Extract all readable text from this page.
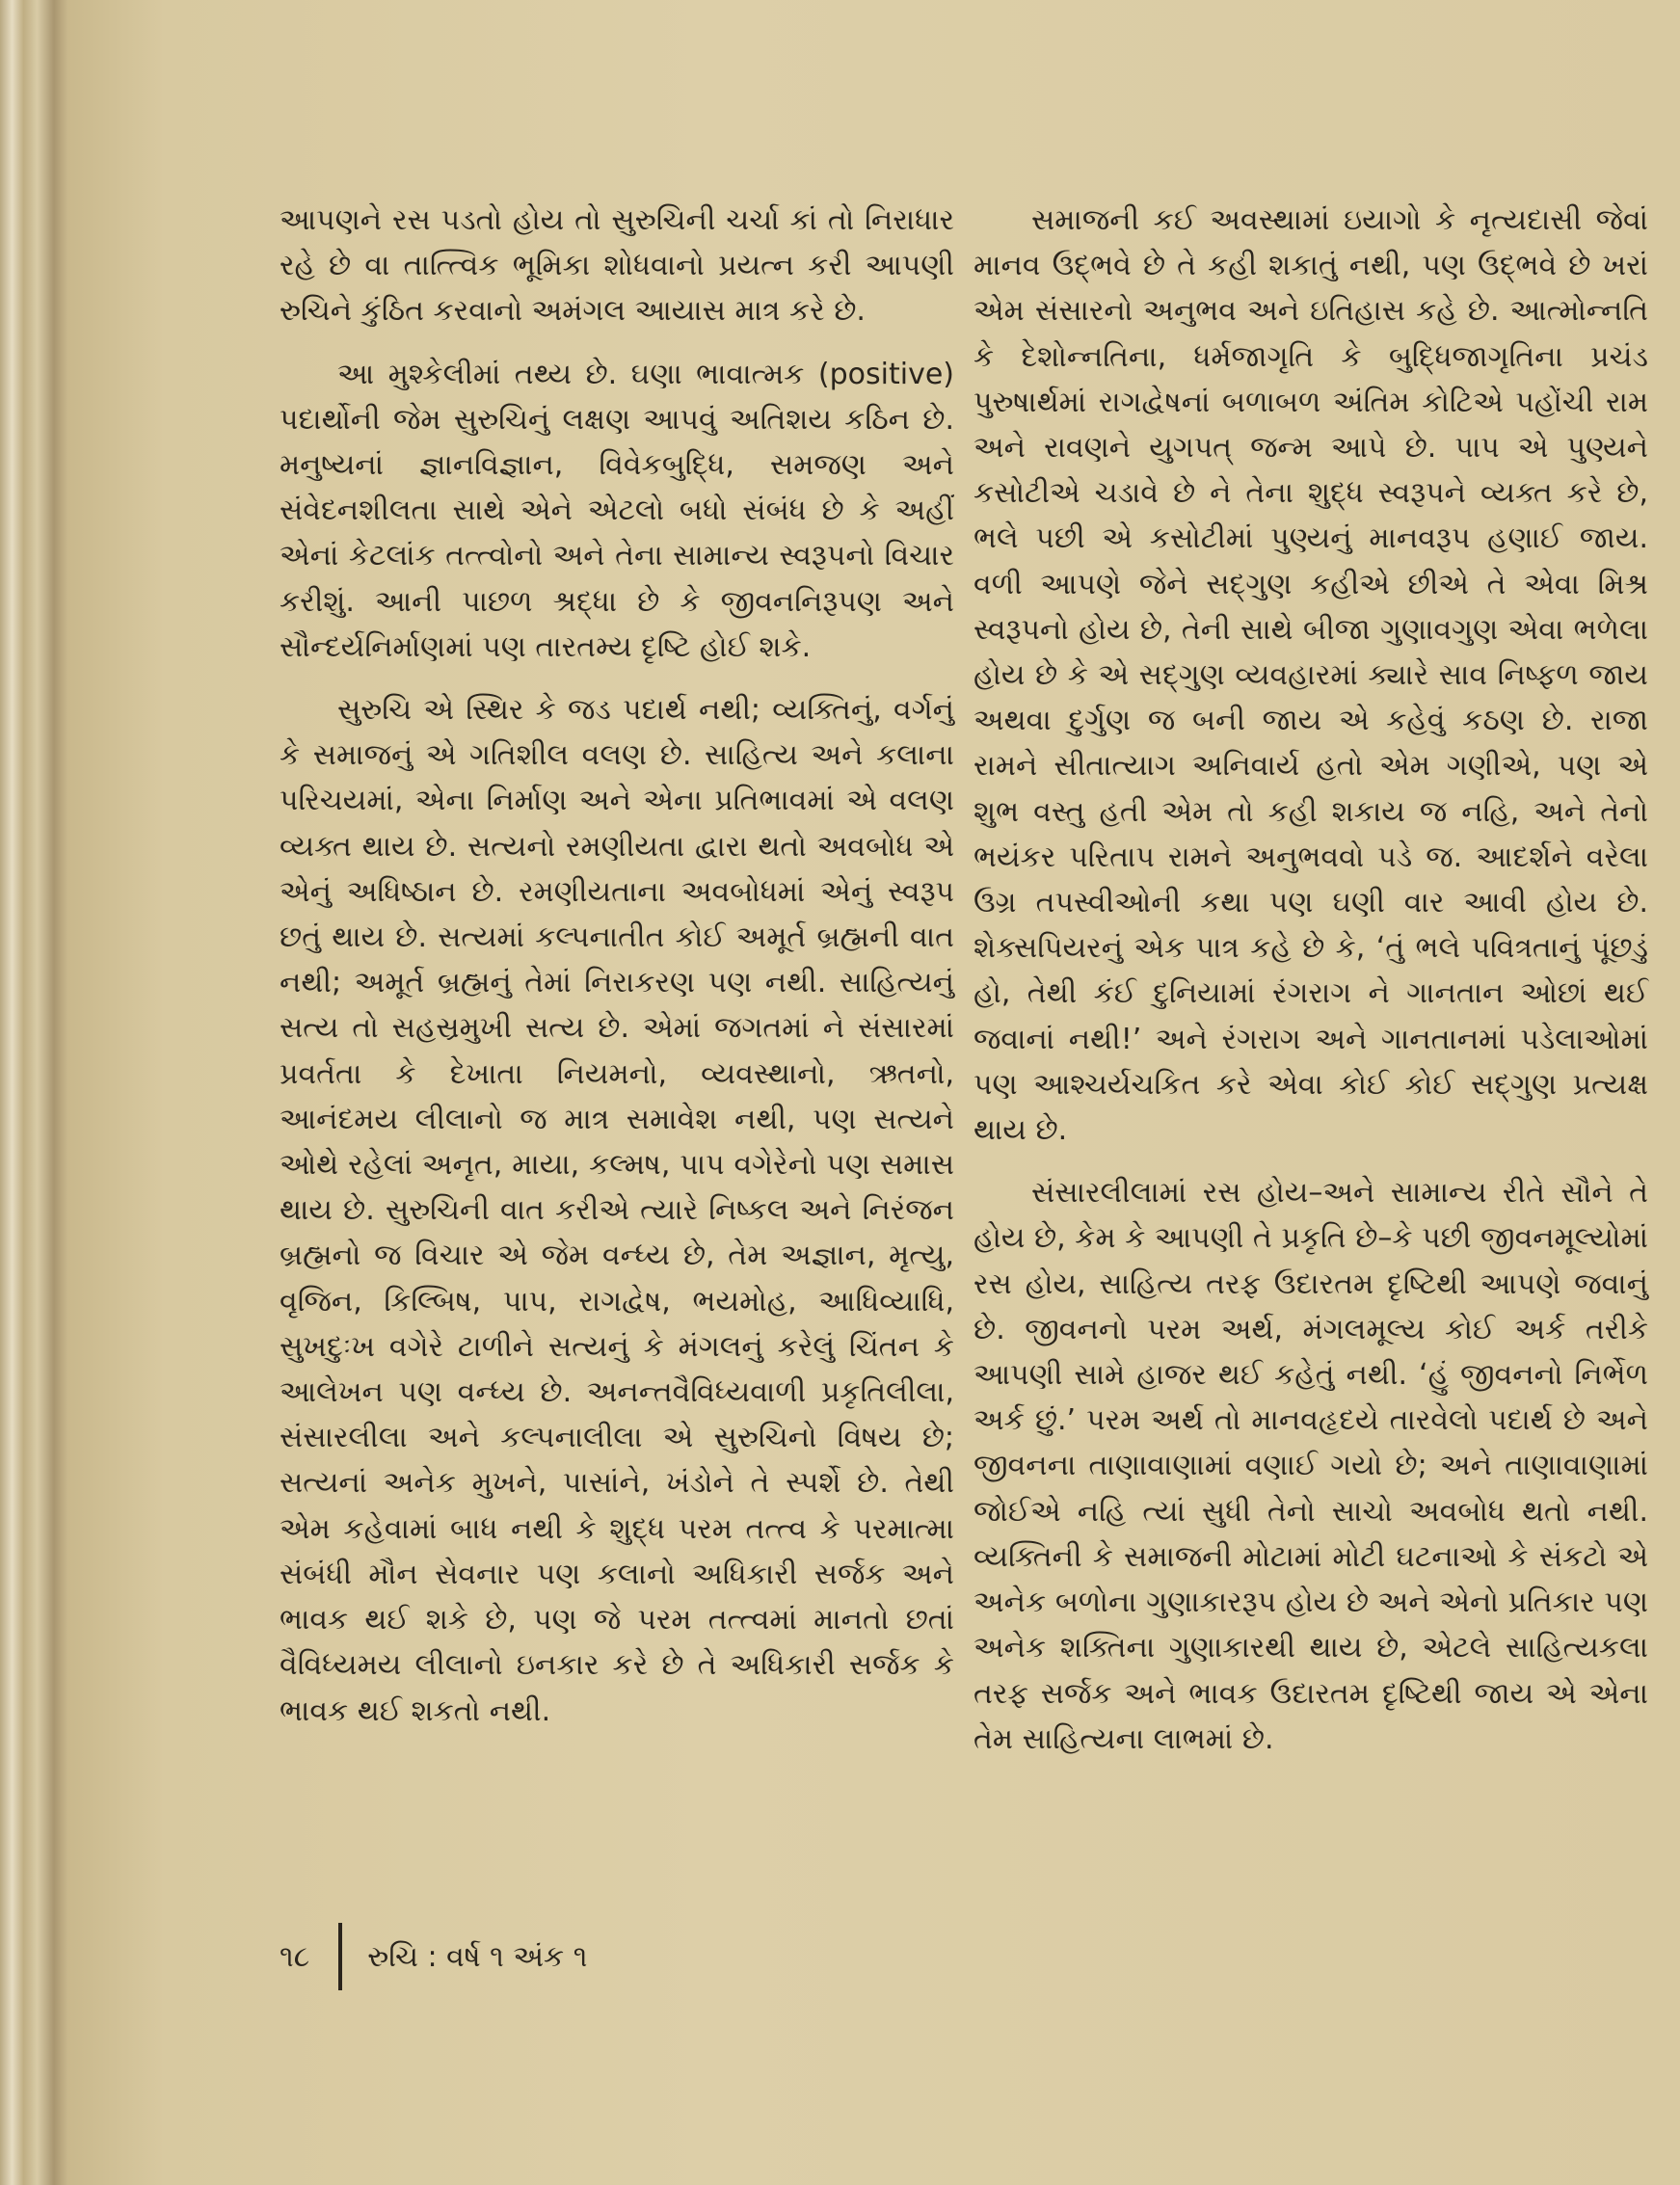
આપણને રસ પડતો હોય તો સુરુચિની ચર્ચા કાં તો નિરાધાર રહે છે વા તાત્ત્વિક ભૂમિકા શોધવાનો પ્રયત્ન કરી આપણી રુચિને કુંઠિત કરવાનો અમંગલ આયાસ માત્ર કરે છે.

આ મુશ્કેલીમાં તથ્ય છે. ઘણા ભાવાત્મક (positive) પદાર્થોની જેમ સુરુચિનું લક્ષણ આપવું અતિશય કઠિન છે. મનુષ્યનાં જ્ઞાનવિજ્ઞાન, વિવેકબુદ્ધિ, સમજણ અને સંવેદનશીલતા સાથે એને એટલો બધો સંબંધ છે કે અહીં એનાં કેટલાંક તત્ત્વોનો અને તેના સામાન્ય સ્વરૂપનો વિચાર કરીશું. આની પાછળ શ્રદ્ધા છે કે જીવનનિરૂપણ અને સૌન્દર્યનિર્માણમાં પણ તારતમ્ય દૃષ્ટિ હોઈ શકે.

સુરુચિ એ સ્થિર કે જડ પદાર્થ નથી; વ્યક્તિનું, વર્ગનું કે સમાજનું એ ગતિશીલ વલણ છે. સાહિત્ય અને કલાના પરિચયમાં, એના નિર્માણ અને એના પ્રતિભાવમાં એ વલણ વ્યક્ત થાય છે. સત્યનો રમણીયતા દ્વારા થતો અવબોધ એ એનું અધિષ્ઠાન છે. રમણીયતાના અવબોધમાં એનું સ્વરૂપ છતું થાય છે. સત્યમાં કલ્પનાતીત કોઈ અમૂર્ત બ્રહ્મની વાત નથી; અમૂર્ત બ્રહ્મનું તેમાં નિરાકરણ પણ નથી. સાહિત્યનું સત્ય તો સહસ્રમુખી સત્ય છે. એમાં જગતમાં ને સંસારમાં પ્રવર્તતા કે દેખાતા નિયમનો, વ્યવસ્થાનો, ઋતનો, આનંદમય લીલાનો જ માત્ર સમાવેશ નથી, પણ સત્યને ઓથે રહેલાં અનૃત, માયા, કલ્મષ, પાપ વગેરેનો પણ સમાસ થાય છે. સુરુચિની વાત કરીએ ત્યારે નિષ્કલ અને નિરંજન બ્રહ્મનો જ વિચાર એ જેમ વન્ધ્ય છે, તેમ અજ્ઞાન, મૃત્યુ, વૃજિન, કિલ્બિષ, પાપ, રાગદ્વેષ, ભયમોહ, આધિવ્યાધિ, સુખદુઃખ વગેરે ટાળીને સત્યનું કે મંગલનું કરેલું ચિંતન કે આલેખન પણ વન્ધ્ય છે. અનન્તવૈવિધ્યવાળી પ્રકૃતિલીલા, સંસારલીલા અને કલ્પનાલીલા એ સુરુચિનો વિષય છે; સત્યનાં અનેક મુખને, પાસાંને, ખંડોને તે સ્પર્શે છે. તેથી એમ કહેવામાં બાધ નથી કે શુદ્ધ પરમ તત્ત્વ કે પરમાત્મા સંબંધી મૌન સેવનાર પણ કલાનો અધિકારી સર્જક અને ભાવક થઈ શકે છે, પણ જે પરમ તત્ત્વમાં માનતો છતાં વૈવિધ્યમય લીલાનો ઇનકાર કરે છે તે અધિકારી સર્જક કે ભાવક થઈ શકતો નથી.

સમાજની કઈ અવસ્થામાં ઇયાગો કે નૃત્યદાસી જેવાં માનવ ઉદ્ભવે છે તે કહી શકાતું નથી, પણ ઉદ્ભવે છે ખરાં એમ સંસારનો અનુભવ અને ઇતિહાસ કહે છે. આત્મોન્નતિ કે દેશોન્નતિના, ધર્મજાગૃતિ કે બુદ્ધિજાગૃતિના પ્રચંડ પુરુષાર્થમાં રાગદ્વેષનાં બળાબળ અંતિમ કોટિએ પહોંચી રામ અને રાવણને યુગપત્ જન્મ આપે છે. પાપ એ પુણ્યને કસોટીએ ચડાવે છે ને તેના શુદ્ધ સ્વરૂપને વ્યક્ત કરે છે, ભલે પછી એ કસોટીમાં પુણ્યનું માનવરૂપ હણાઈ જાય. વળી આપણે જેને સદ્ગુણ કહીએ છીએ તે એવા મિશ્ર સ્વરૂપનો હોય છે, તેની સાથે બીજા ગુણાવગુણ એવા ભળેલા હોય છે કે એ સદ્ગુણ વ્યવહારમાં ક્યારે સાવ નિષ્ફળ જાય અથવા દુર્ગુણ જ બની જાય એ કહેવું કઠણ છે. રાજા રામને સીતાત્યાગ અનિવાર્ય હતો એમ ગણીએ, પણ એ શુભ વસ્તુ હતી એમ તો કહી શકાય જ નહિ, અને તેનો ભયંકર પરિતાપ રામને અનુભવવો પડે જ. આદર્શને વરેલા ઉગ્ર તપસ્વીઓની કથા પણ ઘણી વાર આવી હોય છે. શેક્સપિયરનું એક પાત્ર કહે છે કે, ‘તું ભલે પવિત્રતાનું પૂંછડું હો, તેથી કંઈ દુનિયામાં રંગરાગ ને ગાનતાન ઓછાં થઈ જવાનાં નથી!’ અને રંગરાગ અને ગાનતાનમાં પડેલાઓમાં પણ આશ્ચર્યચકિત કરે એવા કોઈ કોઈ સદ્ગુણ પ્રત્યક્ષ થાય છે.

સંસારલીલામાં રસ હોય–અને સામાન્ય રીતે સૌને તે હોય છે, કેમ કે આપણી તે પ્રકૃતિ છે–કે પછી જીવનમૂલ્યોમાં રસ હોય, સાહિત્ય તરફ ઉદારતમ દૃષ્ટિથી આપણે જવાનું છે. જીવનનો પરમ અર્થ, મંગલમૂલ્ય કોઈ અર્ક તરીકે આપણી સામે હાજર થઈ કહેતું નથી. ‘હું જીવનનો નિર્ભેળ અર્ક છું.’ પરમ અર્થ તો માનવહૃદયે તારવેલો પદાર્થ છે અને જીવનના તાણાવાણામાં વણાઈ ગયો છે; અને તાણાવાણામાં જોઈએ નહિ ત્યાં સુધી તેનો સાચો અવબોધ થતો નથી. વ્યક્તિની કે સમાજની મોટામાં મોટી ઘટનાઓ કે સંકટો એ અનેક બળોના ગુણાકારરૂપ હોય છે અને એનો પ્રતિકાર પણ અનેક શક્તિના ગુણાકારથી થાય છે, એટલે સાહિત્યકલા તરફ સર્જક અને ભાવક ઉદારતમ દૃષ્ટિથી જાય એ એના તેમ સાહિત્યના લાભમાં છે.

૧૮ રુચિ : વર્ષ ૧ અંક ૧
